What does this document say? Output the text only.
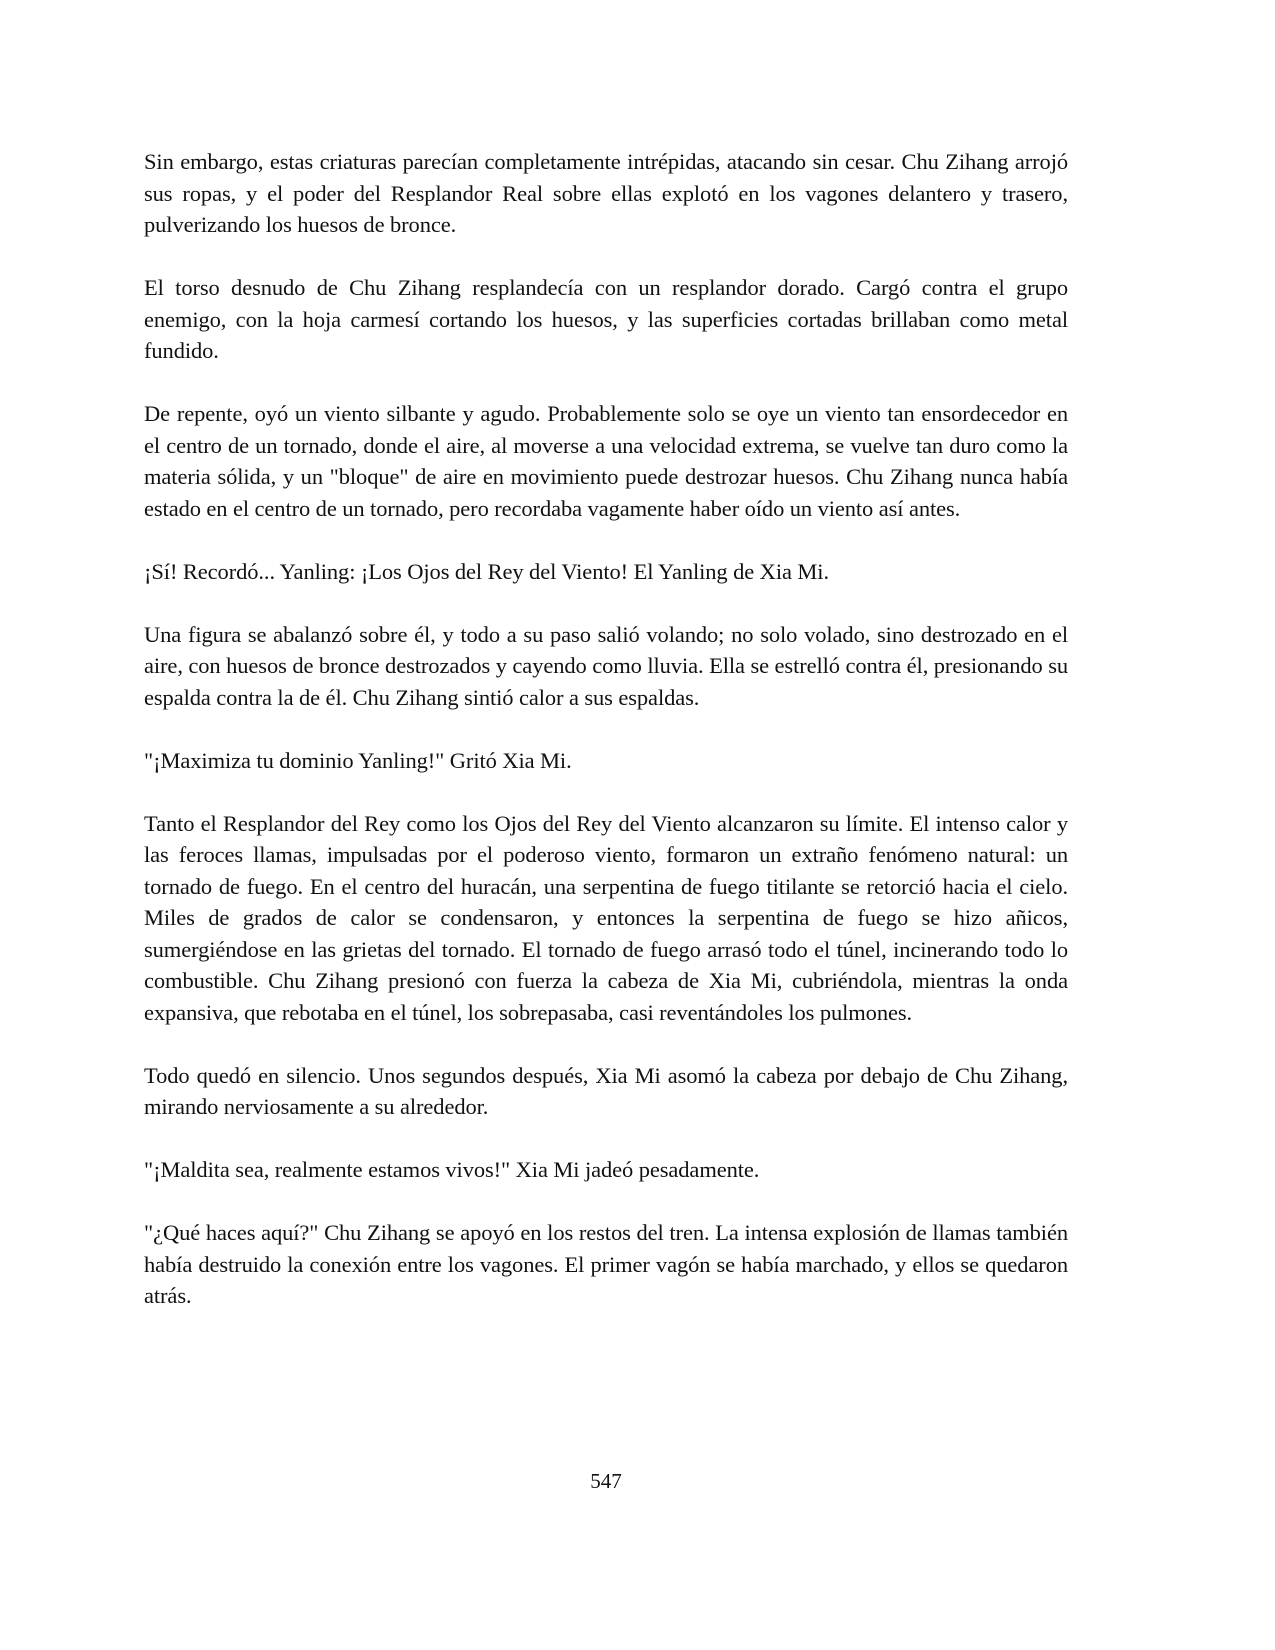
Sin embargo, estas criaturas parecían completamente intrépidas, atacando sin cesar. Chu Zihang arrojó sus ropas, y el poder del Resplandor Real sobre ellas explotó en los vagones delantero y trasero, pulverizando los huesos de bronce.

El torso desnudo de Chu Zihang resplandecía con un resplandor dorado. Cargó contra el grupo enemigo, con la hoja carmesí cortando los huesos, y las superficies cortadas brillaban como metal fundido.

De repente, oyó un viento silbante y agudo. Probablemente solo se oye un viento tan ensordecedor en el centro de un tornado, donde el aire, al moverse a una velocidad extrema, se vuelve tan duro como la materia sólida, y un "bloque" de aire en movimiento puede destrozar huesos. Chu Zihang nunca había estado en el centro de un tornado, pero recordaba vagamente haber oído un viento así antes.

¡Sí! Recordó... Yanling: ¡Los Ojos del Rey del Viento! El Yanling de Xia Mi.

Una figura se abalanzó sobre él, y todo a su paso salió volando; no solo volado, sino destrozado en el aire, con huesos de bronce destrozados y cayendo como lluvia. Ella se estrelló contra él, presionando su espalda contra la de él. Chu Zihang sintió calor a sus espaldas.

"¡Maximiza tu dominio Yanling!" Gritó Xia Mi.

Tanto el Resplandor del Rey como los Ojos del Rey del Viento alcanzaron su límite. El intenso calor y las feroces llamas, impulsadas por el poderoso viento, formaron un extraño fenómeno natural: un tornado de fuego. En el centro del huracán, una serpentina de fuego titilante se retorció hacia el cielo. Miles de grados de calor se condensaron, y entonces la serpentina de fuego se hizo añicos, sumergiéndose en las grietas del tornado. El tornado de fuego arrasó todo el túnel, incinerando todo lo combustible. Chu Zihang presionó con fuerza la cabeza de Xia Mi, cubriéndola, mientras la onda expansiva, que rebotaba en el túnel, los sobrepasaba, casi reventándoles los pulmones.

Todo quedó en silencio. Unos segundos después, Xia Mi asomó la cabeza por debajo de Chu Zihang, mirando nerviosamente a su alrededor.

"¡Maldita sea, realmente estamos vivos!" Xia Mi jadeó pesadamente.

"¿Qué haces aquí?" Chu Zihang se apoyó en los restos del tren. La intensa explosión de llamas también había destruido la conexión entre los vagones. El primer vagón se había marchado, y ellos se quedaron atrás.

547
